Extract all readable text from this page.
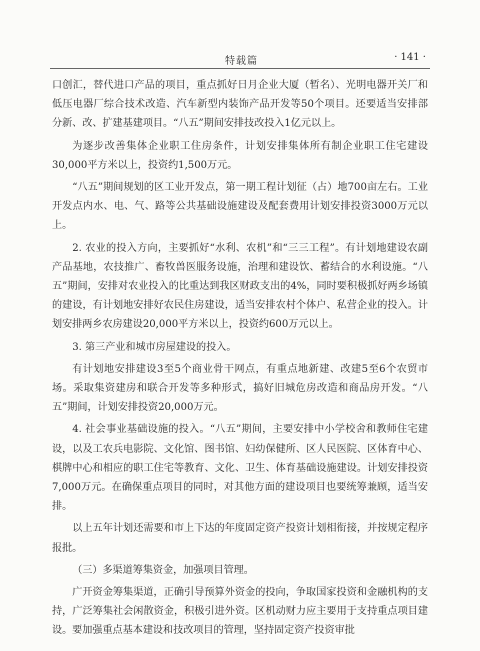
特载篇	· 141 ·

口创汇，替代进口产品的项目，重点抓好日月企业大厦（暂名）、光明电器开关厂和低压电器厂综合技术改造、汽车新型内装饰产品开发等50个项目。还要适当安排部分新、改、扩建基建项目。“八五”期间安排技改投入1亿元以上。

为逐步改善集体企业职工住房条件，计划安排集体所有制企业职工住宅建设30,000平方米以上，投资约1,500万元。

“八五”期间规划的区工业开发点，第一期工程计划征（占）地700亩左右。工业开发点内水、电、气、路等公共基础设施建设及配套费用计划安排投资3000万元以上。

2. 农业的投入方向，主要抓好“水利、农机”和“三三工程”。有计划地建设农副产品基地，农技推广、畜牧兽医服务设施，治理和建设饮、蓄结合的水利设施。“八五”期间，安排对农业投入的比重达到我区财政支出的4%，同时要积极抓好两乡场镇的建设，有计划地安排好农民住房建设，适当安排农村个体户、私营企业的投入。计划安排两乡农房建设20,000平方米以上，投资约600万元以上。

3. 第三产业和城市房屋建设的投入。

有计划地安排建设3至5个商业骨干网点，有重点地新建、改建5至6个农贸市场。采取集资建房和联合开发等多种形式，搞好旧城危房改造和商品房开发。“八五”期间，计划安排投资20,000万元。

4. 社会事业基础设施的投入。“八五”期间，主要安排中小学校舍和教师住宅建设，以及工农兵电影院、文化馆、图书馆、妇幼保健所、区人民医院、区体育中心、棋牌中心和相应的职工住宅等教育、文化、卫生、体育基础设施建设。计划安排投资7,000万元。在确保重点项目的同时，对其他方面的建设项目也要统筹兼顾，适当安排。

以上五年计划还需要和市上下达的年度固定资产投资计划相衔接，并按规定程序报批。

（三）多渠道筹集资金，加强项目管理。

广开资金筹集渠道，正确引导预算外资金的投向，争取国家投资和金融机构的支持，广泛筹集社会闲散资金，积极引进外资。区机动财力应主要用于支持重点项目建设。要加强重点基本建设和技改项目的管理，坚持固定资产投资审批
